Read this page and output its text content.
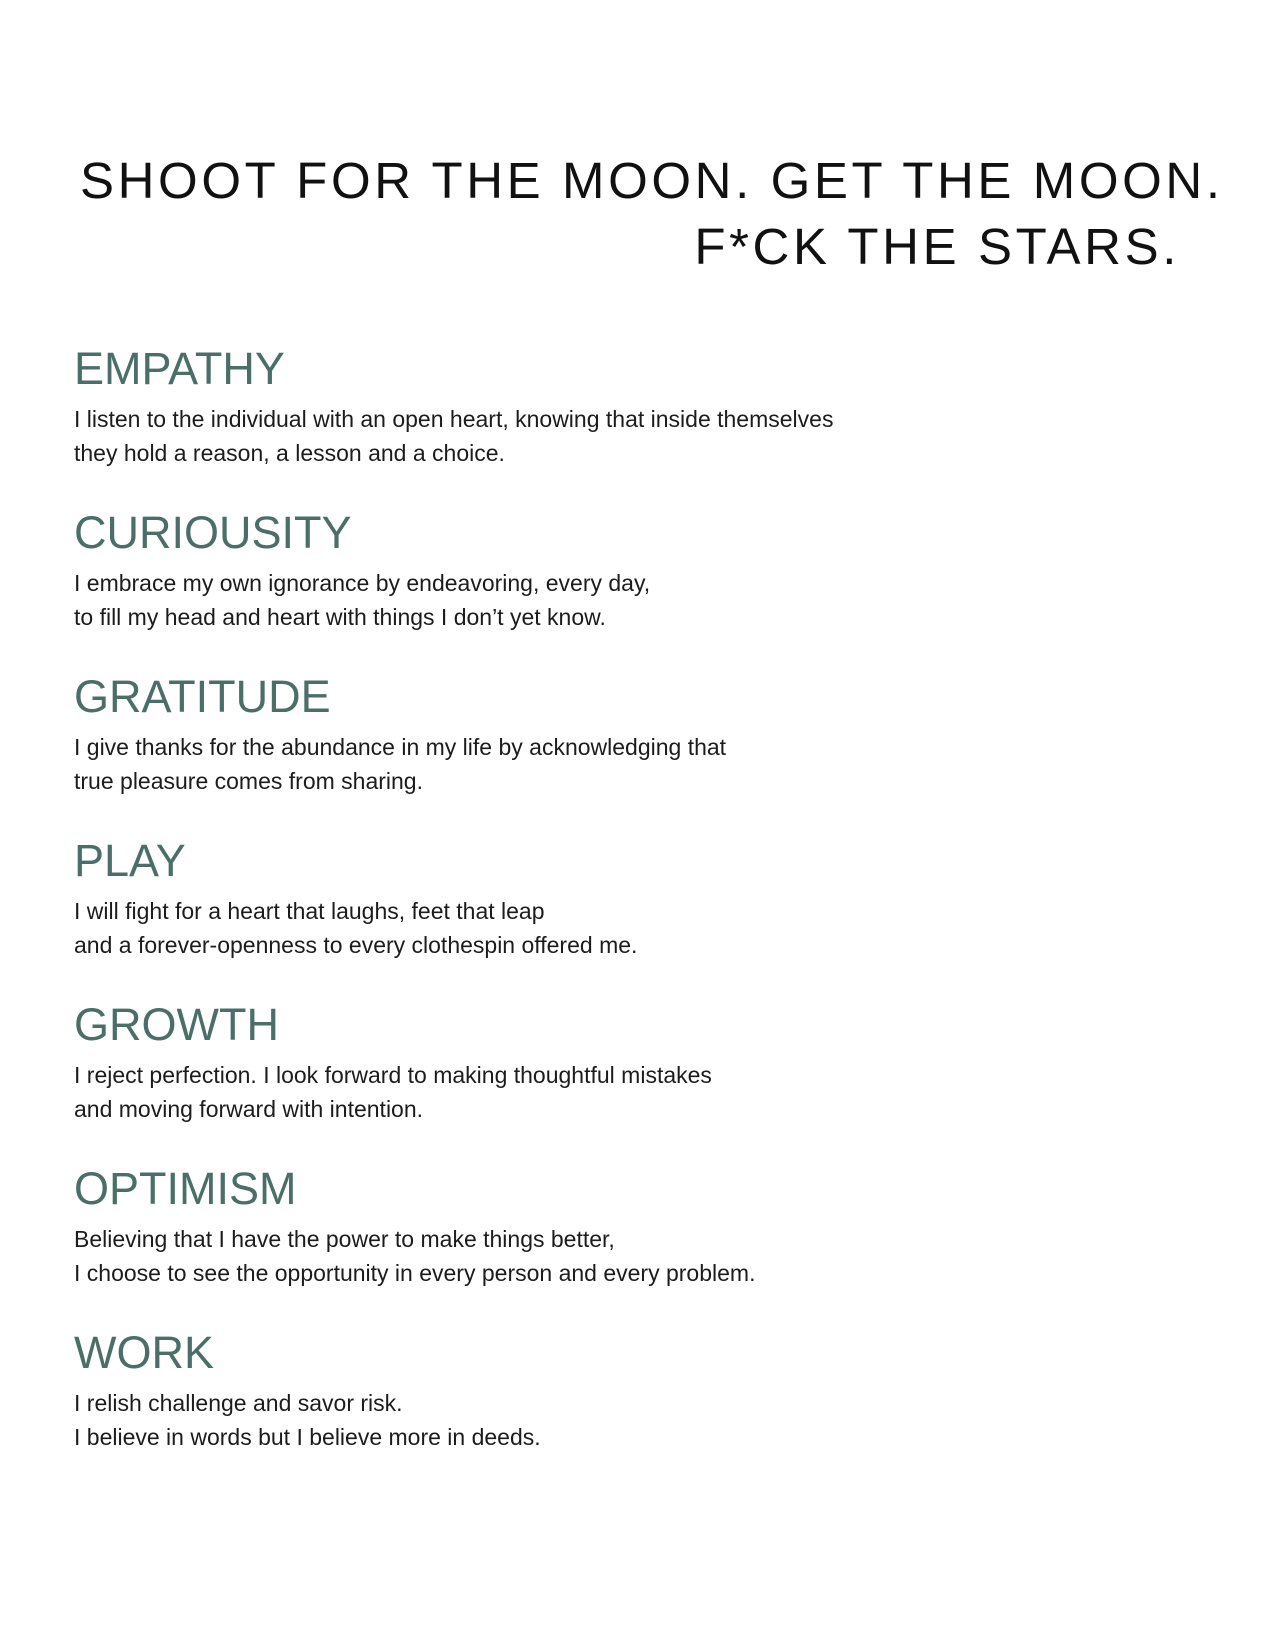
SHOOT FOR THE MOON. GET THE MOON.
F*CK THE STARS.
EMPATHY
I listen to the individual with an open heart, knowing that inside themselves
they hold a reason, a lesson and a choice.
CURIOUSITY
I embrace my own ignorance by endeavoring, every day,
to fill my head and heart with things I don’t yet know.
GRATITUDE
I give thanks for the abundance in my life by acknowledging that
true pleasure comes from sharing.
PLAY
I will fight for a heart that laughs, feet that leap
and a forever-openness to every clothespin offered me.
GROWTH
I reject perfection. I look forward to making thoughtful mistakes
and moving forward with intention.
OPTIMISM
Believing that I have the power to make things better,
I choose to see the opportunity in every person and every problem.
WORK
I relish challenge and savor risk.
I believe in words but I believe more in deeds.
